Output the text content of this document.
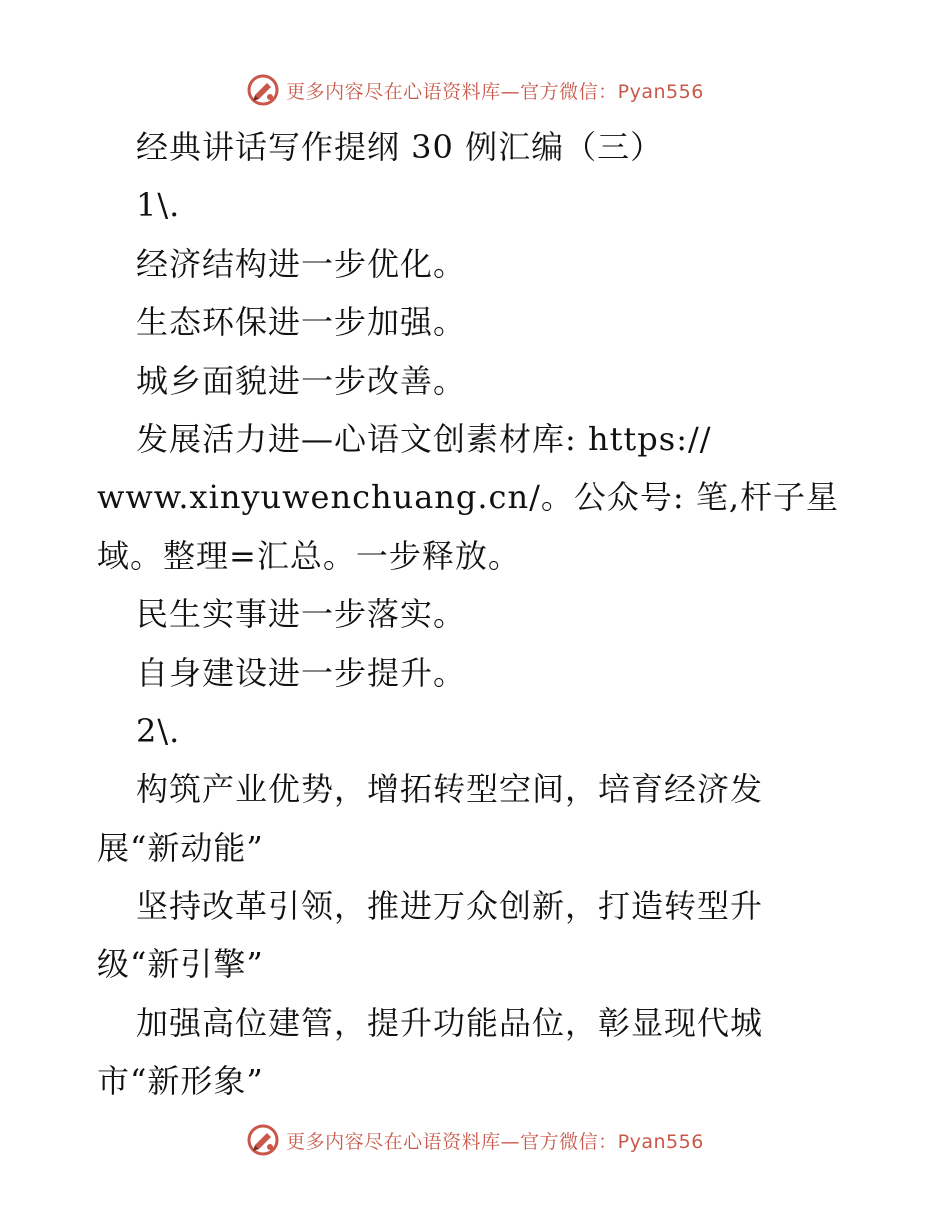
更多内容尽在心语资料库—官方微信：Pyan556
经典讲话写作提纲 30 例汇编（三）
1\.
经济结构进一步优化。
生态环保进一步加强。
城乡面貌进一步改善。
发展活力进—心语文创素材库: https://
www.xinyuwenchuang.cn/。公众号: 笔,杆子星
域。整理=汇总。一步释放。
民生实事进一步落实。
自身建设进一步提升。
2\.
构筑产业优势，增拓转型空间，培育经济发
展“新动能”
坚持改革引领，推进万众创新，打造转型升
级“新引擎”
加强高位建管，提升功能品位，彰显现代城
市“新形象”
更多内容尽在心语资料库—官方微信：Pyan556
